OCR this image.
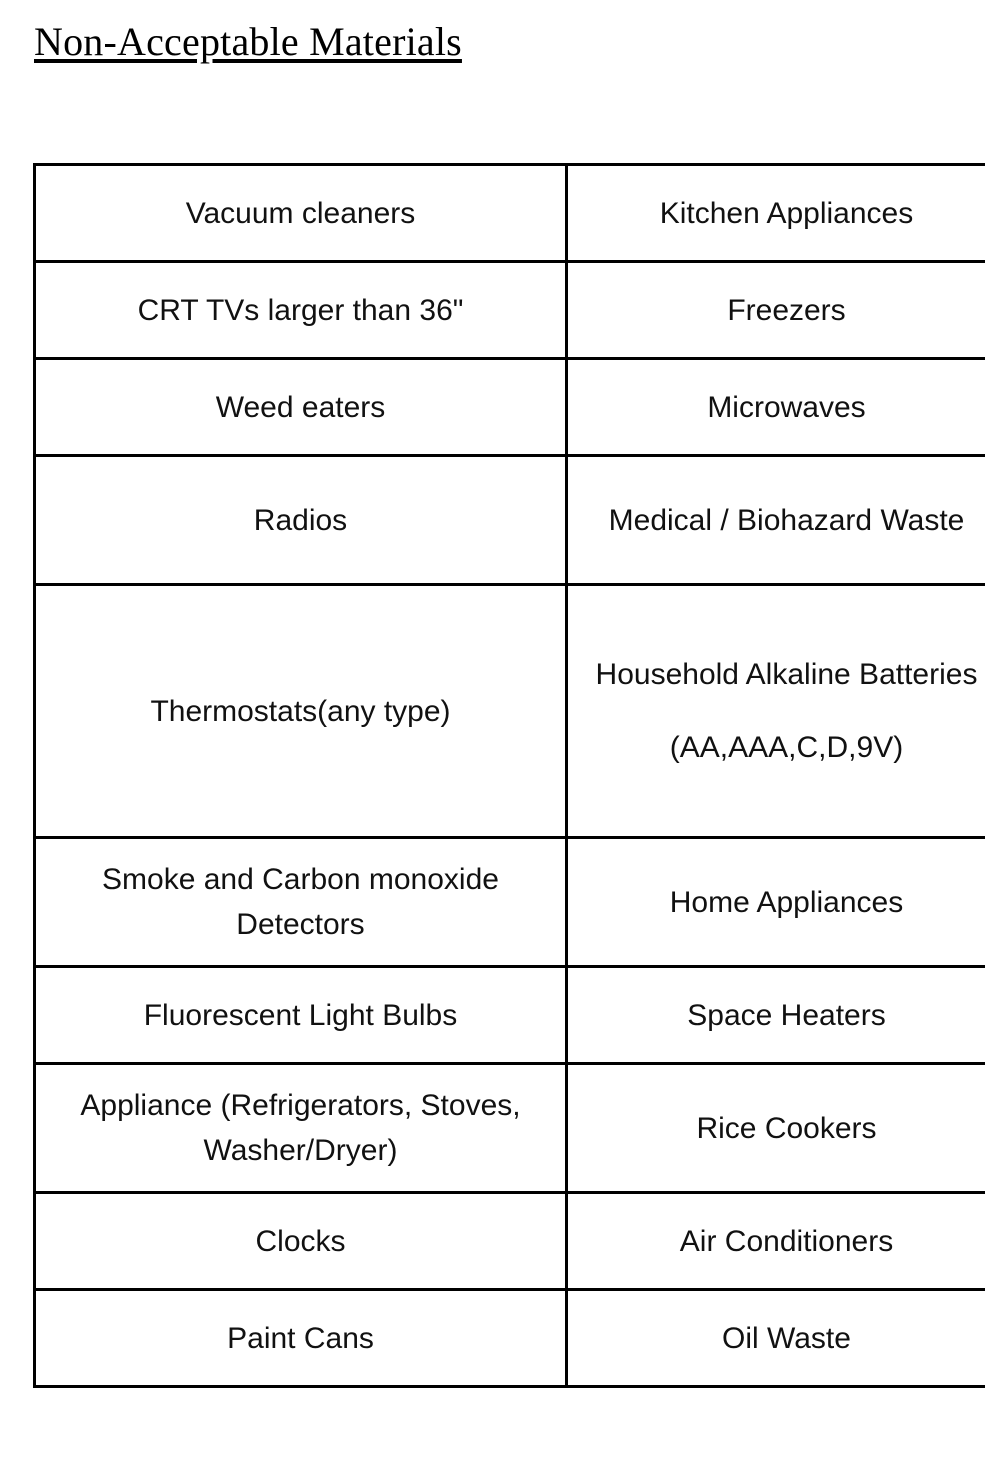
Non-Acceptable Materials
Vacuum cleaners	Kitchen Appliances

CRT TVs larger than 36"	Freezers

Weed eaters	Microwaves

Radios	Medical / Biohazard Waste

Thermostats(any type)	Household Alkaline Batteries
(AA,AAA,C,D,9V)

Smoke and Carbon monoxide Detectors	Home Appliances

Fluorescent Light Bulbs	Space Heaters

Appliance (Refrigerators, Stoves, Washer/Dryer)	Rice Cookers

Clocks	Air Conditioners

Paint Cans	Oil Waste
